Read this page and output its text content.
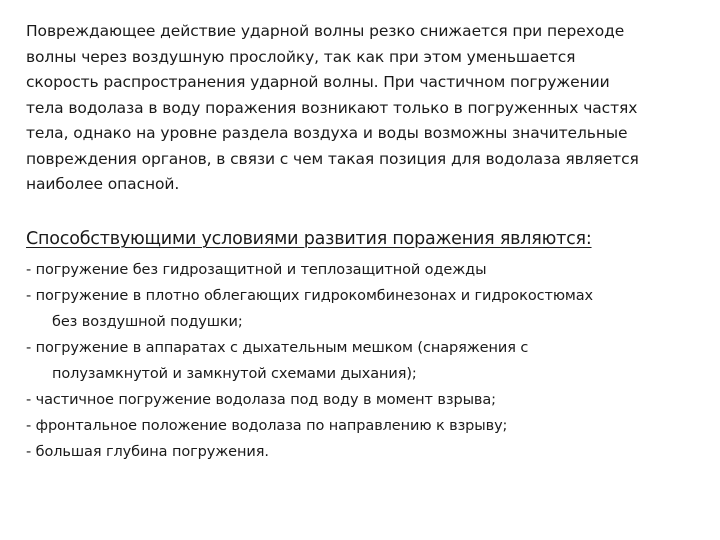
Повреждающее действие ударной волны резко снижается при переходе
волны через воздушную прослойку, так как при этом уменьшается
скорость распространения ударной волны. При частичном погружении
тела водолаза в воду поражения возникают только в погруженных частях
тела, однако на уровне раздела воздуха и воды возможны значительные
повреждения органов, в связи с чем такая позиция для водолаза является
наиболее опасной.

Способствующими условиями развития поражения являются:
- погружение без гидрозащитной и теплозащитной одежды
- погружение в плотно облегающих гидрокомбинезонах и гидрокостюмах
без воздушной подушки;
- погружение в аппаратах с дыхательным мешком (снаряжения с
полузамкнутой и замкнутой схемами дыхания);
- частичное погружение водолаза под воду в момент взрыва;
- фронтальное положение водолаза по направлению к взрыву;
- большая глубина погружения.
